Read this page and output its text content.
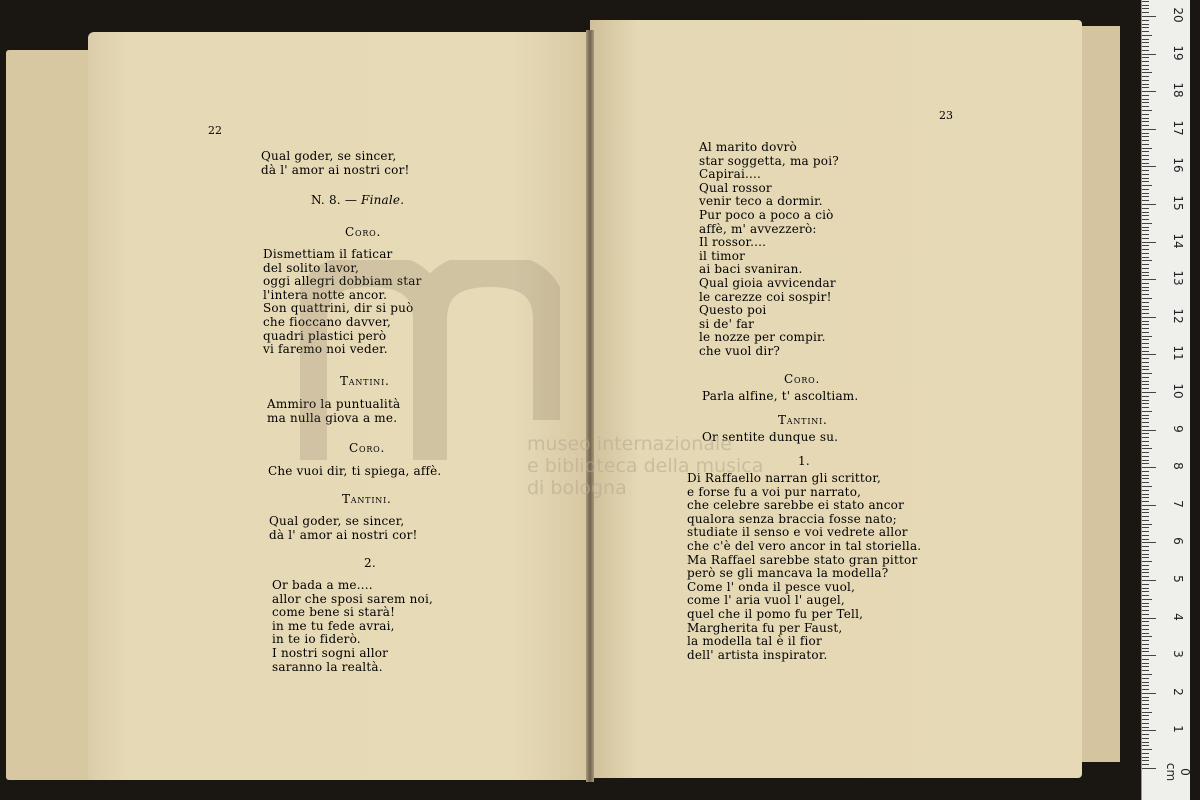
22
Qual goder, se sincer,
dà l' amor ai nostri cor!
N. 8. — Finale.
Coro.
Dismettiam il faticar
del solito lavor,
oggi allegri dobbiam star
l'intera notte ancor.
Son quattrini, dir si può
che fioccano davver,
quadri plastici però
vi faremo noi veder.
Tantini.
Ammiro la puntualità
ma nulla giova a me.
Coro.
Che vuoi dir, ti spiega, affè.
Tantini.
Qual goder, se sincer,
dà l' amor ai nostri cor!
2.
Or bada a me....
allor che sposi sarem noi,
come bene si starà!
in me tu fede avrai,
in te io fiderò.
I nostri sogni allor
saranno la realtà.
23
Al marito dovrò
star soggetta, ma poi?
Capirai....
Qual rossor
venir teco a dormir.
Pur poco a poco a ciò
affè, m' avvezzerò:
Il rossor....
il timor
ai baci svaniran.
Qual gioia avvicendar
le carezze coi sospir!
Questo poi
si de' far
le nozze per compir.
che vuol dir?
Coro.
Parla alfine, t' ascoltiam.
Tantini.
Or sentite dunque su.
1.
Di Raffaello narran gli scrittor,
e forse fu a voi pur narrato,
che celebre sarebbe ei stato ancor
qualora senza braccia fosse nato;
studiate il senso e voi vedrete allor
che c'è del vero ancor in tal storiella.
Ma Raffael sarebbe stato gran pittor
però se gli mancava la modella?
Come l' onda il pesce vuol,
come l' aria vuol l' augel,
quel che il pomo fu per Tell,
Margherita fu per Faust,
la modella tal è il fior
dell' artista inspirator.
museo internazionale
e biblioteca della musica
di bologna
0 cm
1
2
3
4
5
6
7
8
9
10
11
12
13
14
15
16
17
18
19
20
